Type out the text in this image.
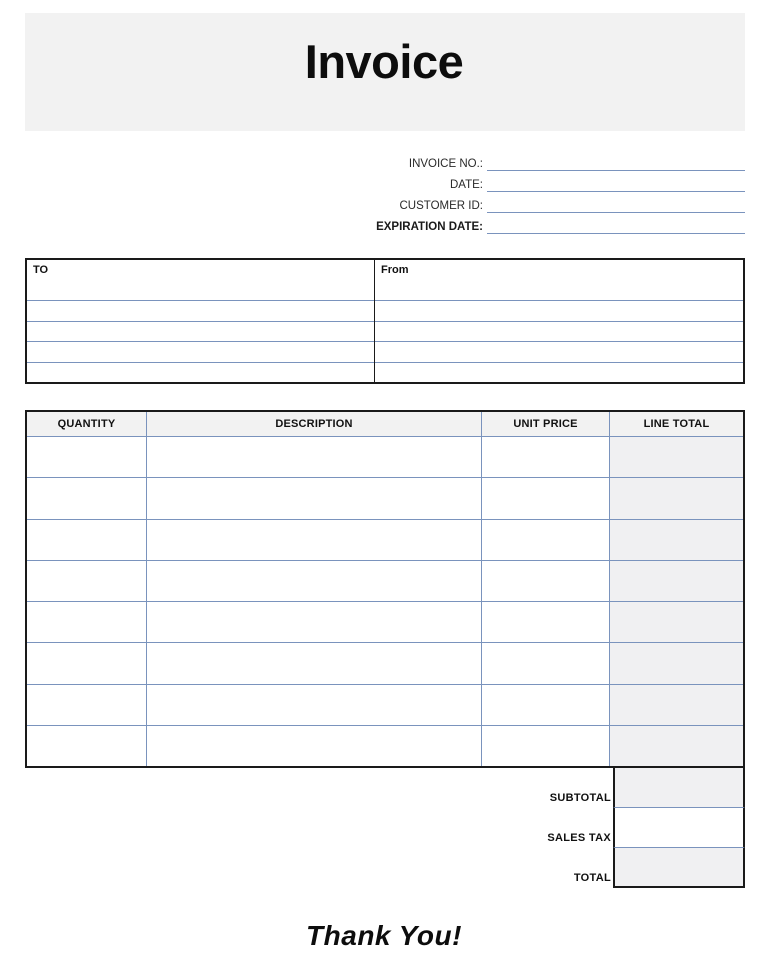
Invoice
INVOICE NO.:
DATE:
CUSTOMER ID:
EXPIRATION DATE:
TO	From
QUANTITY	DESCRIPTION	UNIT PRICE	LINE TOTAL
SUBTOTAL
SALES TAX
TOTAL
Thank You!
